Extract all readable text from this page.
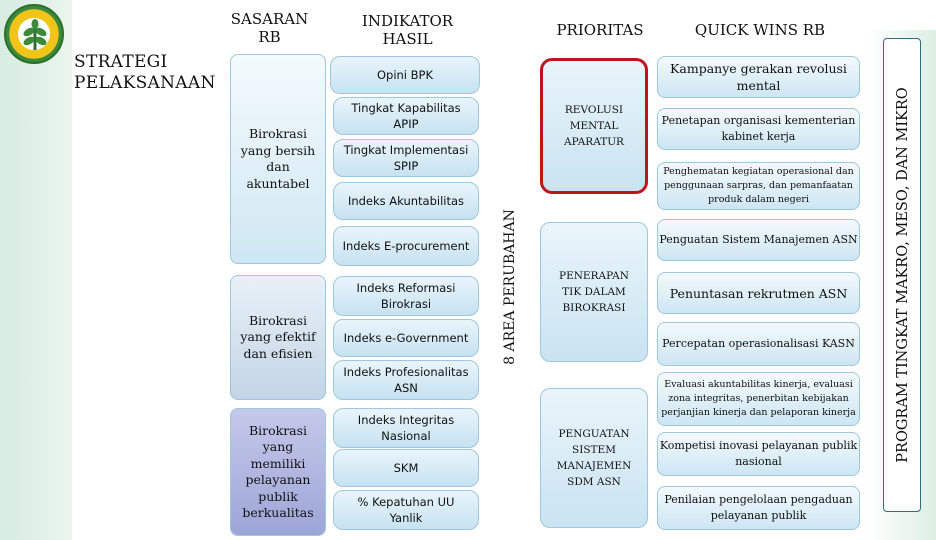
SASARAN
RB
INDIKATOR
HASIL	PRIORITAS	QUICK WINS RB
STRATEGI
PELAKSANAAN
Birokrasi yang bersih dan akuntabel
Birokrasi yang efektif dan efisien
Birokrasi yang memiliki pelayanan publik berkualitas
Opini BPK
Tingkat Kapabilitas APIP
Tingkat Implementasi SPIP
Indeks Akuntabilitas
Indeks E-procurement
Indeks Reformasi Birokrasi
Indeks e-Government
Indeks Profesionalitas ASN
Indeks Integritas Nasional
SKM
% Kepatuhan UU Yanlik
8 AREA PERUBAHAN
REVOLUSI MENTAL APARATUR
PENERAPAN TIK DALAM BIROKRASI
PENGUATAN SISTEM MANAJEMEN SDM ASN
Kampanye gerakan revolusi mental
Penetapan organisasi kementerian kabinet kerja
Penghematan kegiatan operasional dan penggunaan sarpras, dan pemanfaatan produk dalam negeri
Penguatan Sistem Manajemen ASN
Penuntasan rekrutmen ASN
Percepatan operasionalisasi KASN
Evaluasi akuntabilitas kinerja, evaluasi zona integritas, penerbitan kebijakan perjanjian kinerja dan pelaporan kinerja
Kompetisi inovasi pelayanan publik nasional
Penilaian pengelolaan pengaduan pelayanan publik
PROGRAM TINGKAT MAKRO, MESO, DAN MIKRO
